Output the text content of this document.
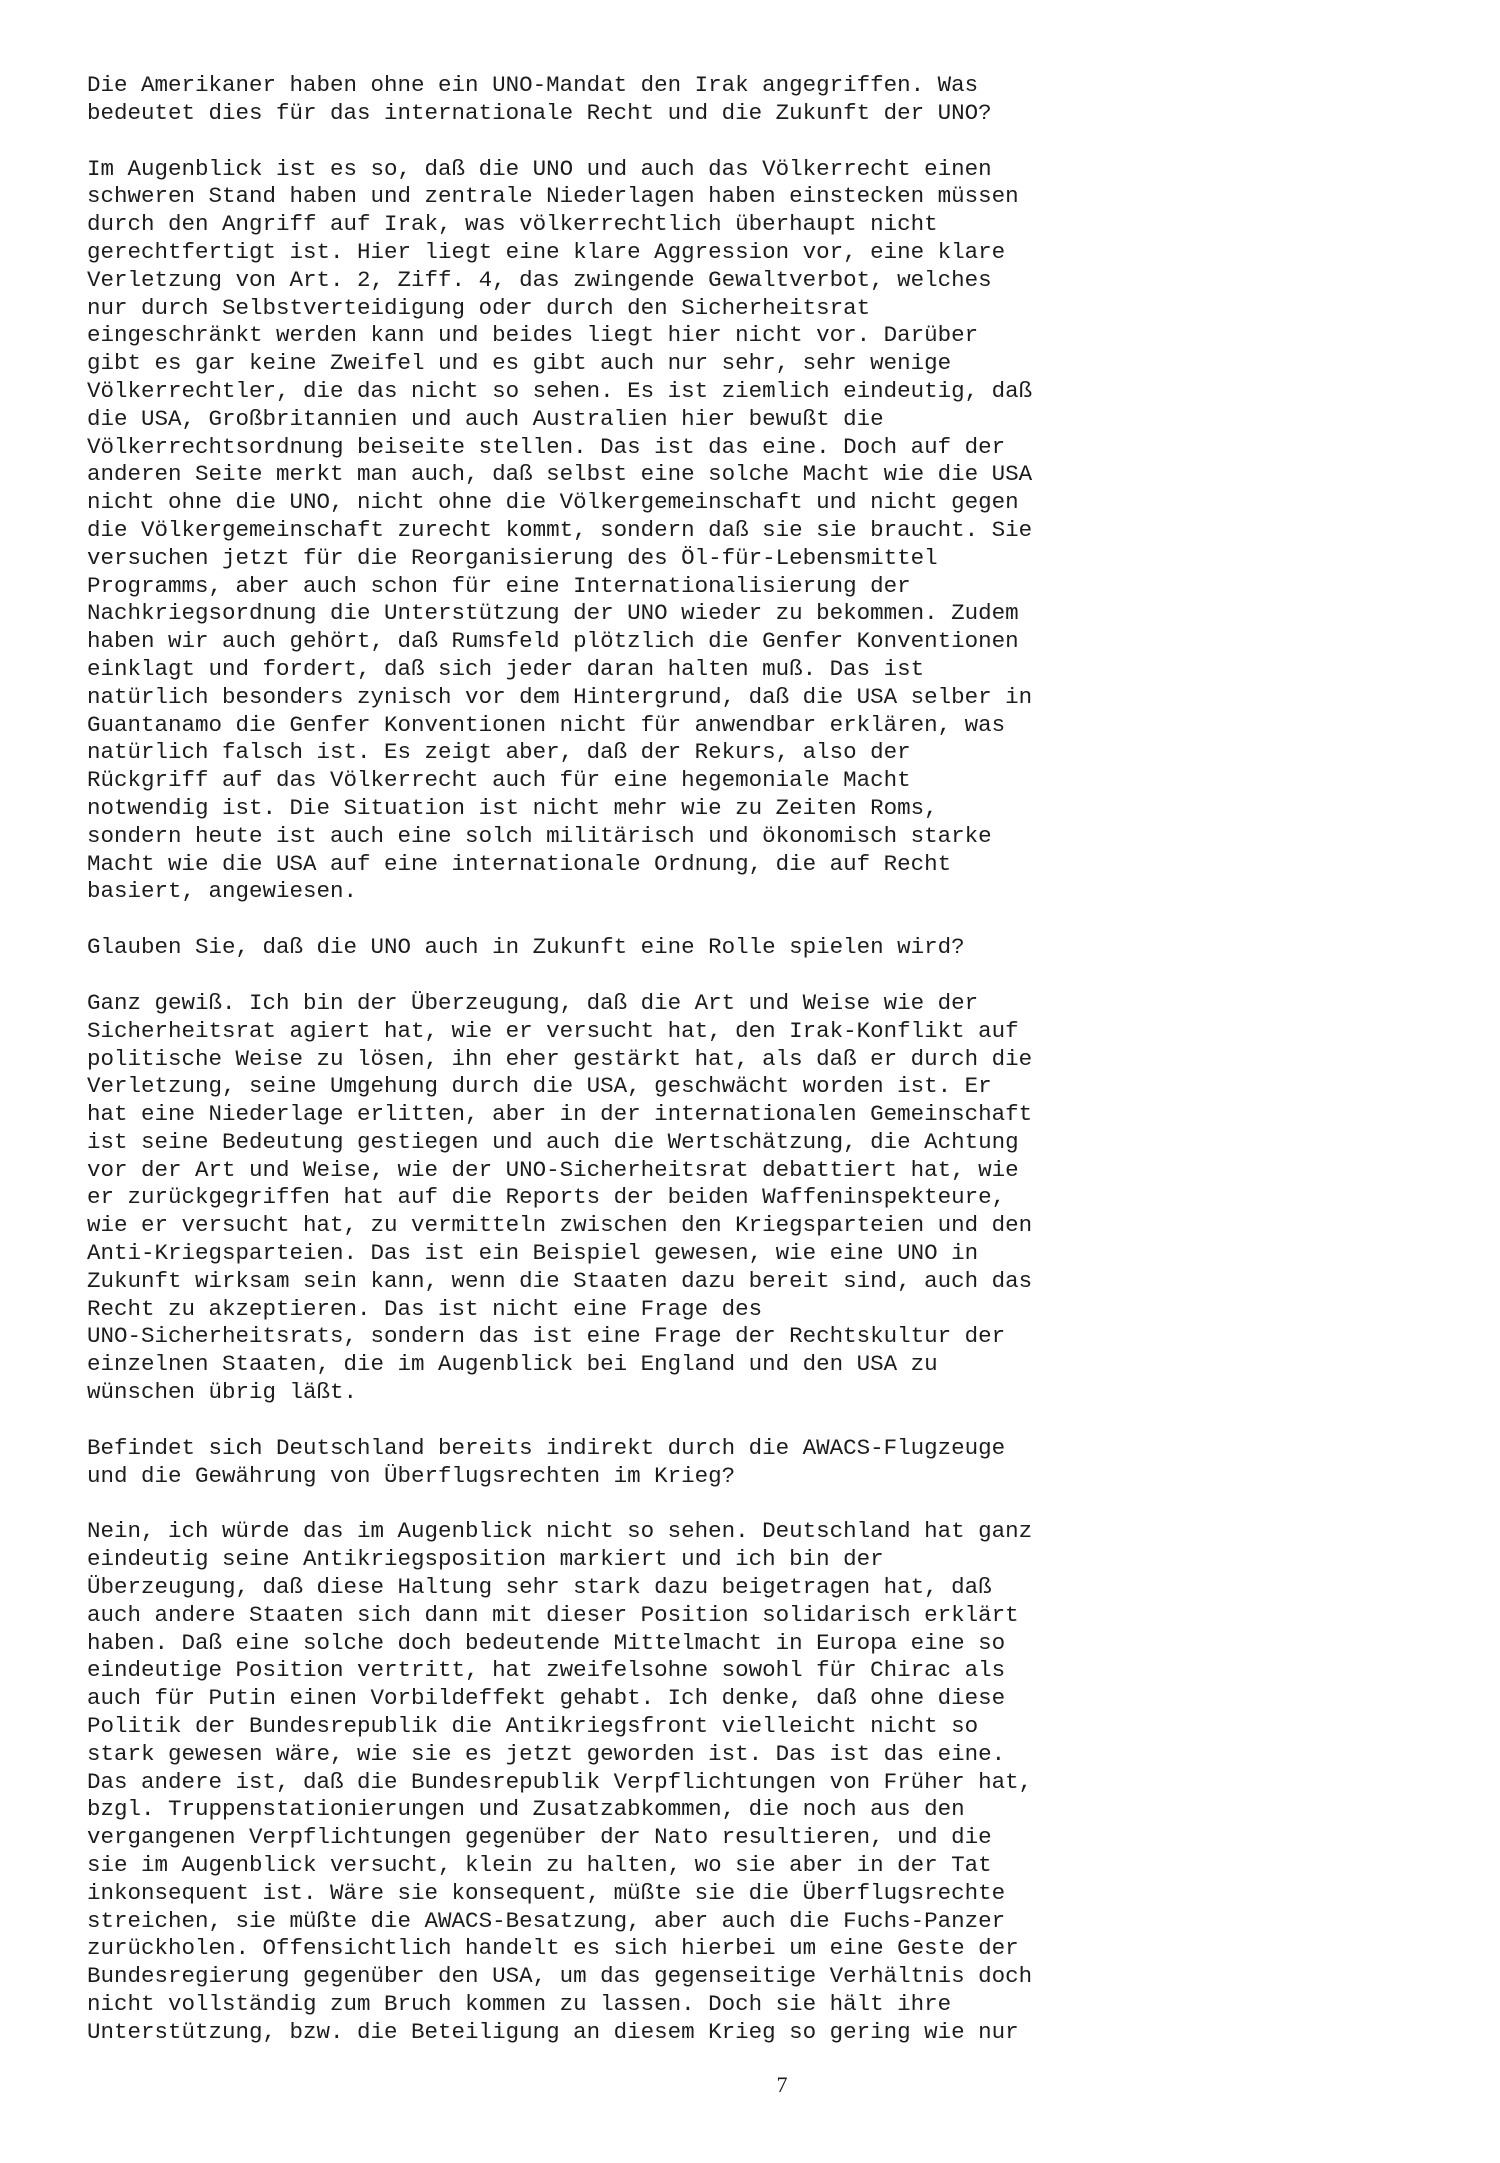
Die Amerikaner haben ohne ein UNO-Mandat den Irak angegriffen. Was
bedeutet dies für das internationale Recht und die Zukunft der UNO?

Im Augenblick ist es so, daß die UNO und auch das Völkerrecht einen
schweren Stand haben und zentrale Niederlagen haben einstecken müssen
durch den Angriff auf Irak, was völkerrechtlich überhaupt nicht
gerechtfertigt ist. Hier liegt eine klare Aggression vor, eine klare
Verletzung von Art. 2, Ziff. 4, das zwingende Gewaltverbot, welches
nur durch Selbstverteidigung oder durch den Sicherheitsrat
eingeschränkt werden kann und beides liegt hier nicht vor. Darüber
gibt es gar keine Zweifel und es gibt auch nur sehr, sehr wenige
Völkerrechtler, die das nicht so sehen. Es ist ziemlich eindeutig, daß
die USA, Großbritannien und auch Australien hier bewußt die
Völkerrechtsordnung beiseite stellen. Das ist das eine. Doch auf der
anderen Seite merkt man auch, daß selbst eine solche Macht wie die USA
nicht ohne die UNO, nicht ohne die Völkergemeinschaft und nicht gegen
die Völkergemeinschaft zurecht kommt, sondern daß sie sie braucht. Sie
versuchen jetzt für die Reorganisierung des Öl-für-Lebensmittel
Programms, aber auch schon für eine Internationalisierung der
Nachkriegsordnung die Unterstützung der UNO wieder zu bekommen. Zudem
haben wir auch gehört, daß Rumsfeld plötzlich die Genfer Konventionen
einklagt und fordert, daß sich jeder daran halten muß. Das ist
natürlich besonders zynisch vor dem Hintergrund, daß die USA selber in
Guantanamo die Genfer Konventionen nicht für anwendbar erklären, was
natürlich falsch ist. Es zeigt aber, daß der Rekurs, also der
Rückgriff auf das Völkerrecht auch für eine hegemoniale Macht
notwendig ist. Die Situation ist nicht mehr wie zu Zeiten Roms,
sondern heute ist auch eine solch militärisch und ökonomisch starke
Macht wie die USA auf eine internationale Ordnung, die auf Recht
basiert, angewiesen.

Glauben Sie, daß die UNO auch in Zukunft eine Rolle spielen wird?

Ganz gewiß. Ich bin der Überzeugung, daß die Art und Weise wie der
Sicherheitsrat agiert hat, wie er versucht hat, den Irak-Konflikt auf
politische Weise zu lösen, ihn eher gestärkt hat, als daß er durch die
Verletzung, seine Umgehung durch die USA, geschwächt worden ist. Er
hat eine Niederlage erlitten, aber in der internationalen Gemeinschaft
ist seine Bedeutung gestiegen und auch die Wertschätzung, die Achtung
vor der Art und Weise, wie der UNO-Sicherheitsrat debattiert hat, wie
er zurückgegriffen hat auf die Reports der beiden Waffeninspekteure,
wie er versucht hat, zu vermitteln zwischen den Kriegsparteien und den
Anti-Kriegsparteien. Das ist ein Beispiel gewesen, wie eine UNO in
Zukunft wirksam sein kann, wenn die Staaten dazu bereit sind, auch das
Recht zu akzeptieren. Das ist nicht eine Frage des
UNO-Sicherheitsrats, sondern das ist eine Frage der Rechtskultur der
einzelnen Staaten, die im Augenblick bei England und den USA zu
wünschen übrig läßt.

Befindet sich Deutschland bereits indirekt durch die AWACS-Flugzeuge
und die Gewährung von Überflugsrechten im Krieg?

Nein, ich würde das im Augenblick nicht so sehen. Deutschland hat ganz
eindeutig seine Antikriegsposition markiert und ich bin der
Überzeugung, daß diese Haltung sehr stark dazu beigetragen hat, daß
auch andere Staaten sich dann mit dieser Position solidarisch erklärt
haben. Daß eine solche doch bedeutende Mittelmacht in Europa eine so
eindeutige Position vertritt, hat zweifelsohne sowohl für Chirac als
auch für Putin einen Vorbildeffekt gehabt. Ich denke, daß ohne diese
Politik der Bundesrepublik die Antikriegsfront vielleicht nicht so
stark gewesen wäre, wie sie es jetzt geworden ist. Das ist das eine.
Das andere ist, daß die Bundesrepublik Verpflichtungen von Früher hat,
bzgl. Truppenstationierungen und Zusatzabkommen, die noch aus den
vergangenen Verpflichtungen gegenüber der Nato resultieren, und die
sie im Augenblick versucht, klein zu halten, wo sie aber in der Tat
inkonsequent ist. Wäre sie konsequent, müßte sie die Überflugsrechte
streichen, sie müßte die AWACS-Besatzung, aber auch die Fuchs-Panzer
zurückholen. Offensichtlich handelt es sich hierbei um eine Geste der
Bundesregierung gegenüber den USA, um das gegenseitige Verhältnis doch
nicht vollständig zum Bruch kommen zu lassen. Doch sie hält ihre
Unterstützung, bzw. die Beteiligung an diesem Krieg so gering wie nur

7
